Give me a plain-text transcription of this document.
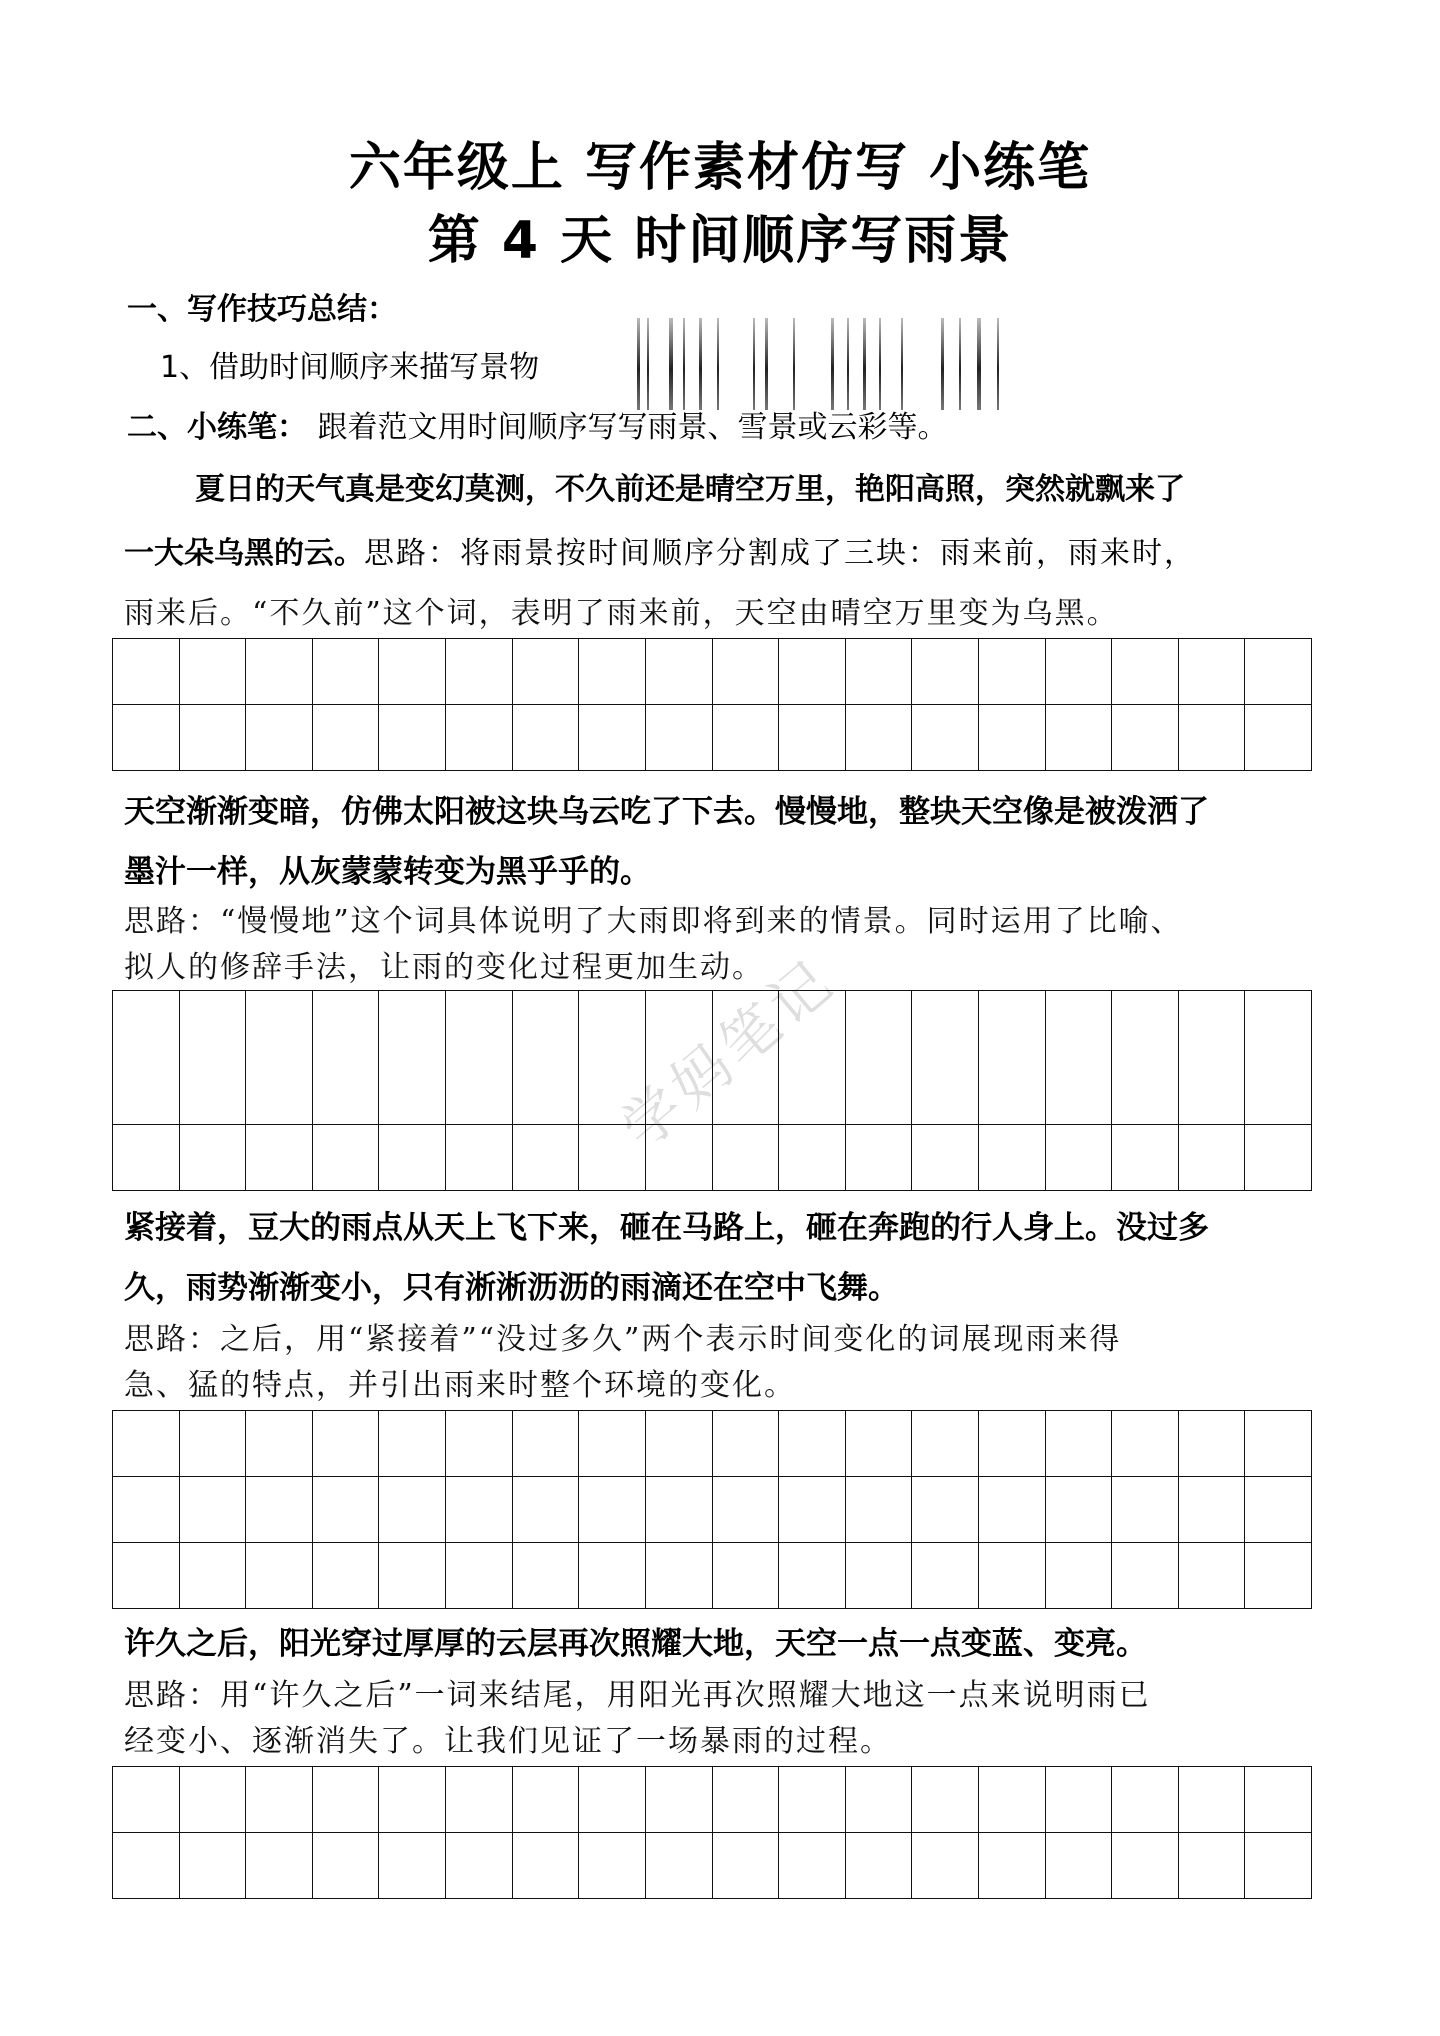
六年级上 写作素材仿写 小练笔
第 4 天 时间顺序写雨景
一、写作技巧总结：
1、借助时间顺序来描写景物
二、小练笔： 跟着范文用时间顺序写写雨景、雪景或云彩等。
夏日的天气真是变幻莫测，不久前还是晴空万里，艳阳高照，突然就飘来了
一大朵乌黑的云。思路：将雨景按时间顺序分割成了三块：雨来前，雨来时，
雨来后。“不久前”这个词，表明了雨来前，天空由晴空万里变为乌黑。
天空渐渐变暗，仿佛太阳被这块乌云吃了下去。慢慢地，整块天空像是被泼洒了
墨汁一样，从灰蒙蒙转变为黑乎乎的。
思路：“慢慢地”这个词具体说明了大雨即将到来的情景。同时运用了比喻、
拟人的修辞手法，让雨的变化过程更加生动。
紧接着，豆大的雨点从天上飞下来，砸在马路上，砸在奔跑的行人身上。没过多
久，雨势渐渐变小，只有淅淅沥沥的雨滴还在空中飞舞。
思路：之后，用“紧接着”“没过多久”两个表示时间变化的词展现雨来得
急、猛的特点，并引出雨来时整个环境的变化。
许久之后，阳光穿过厚厚的云层再次照耀大地，天空一点一点变蓝、变亮。
思路：用“许久之后”一词来结尾，用阳光再次照耀大地这一点来说明雨已
经变小、逐渐消失了。让我们见证了一场暴雨的过程。
学妈笔记
